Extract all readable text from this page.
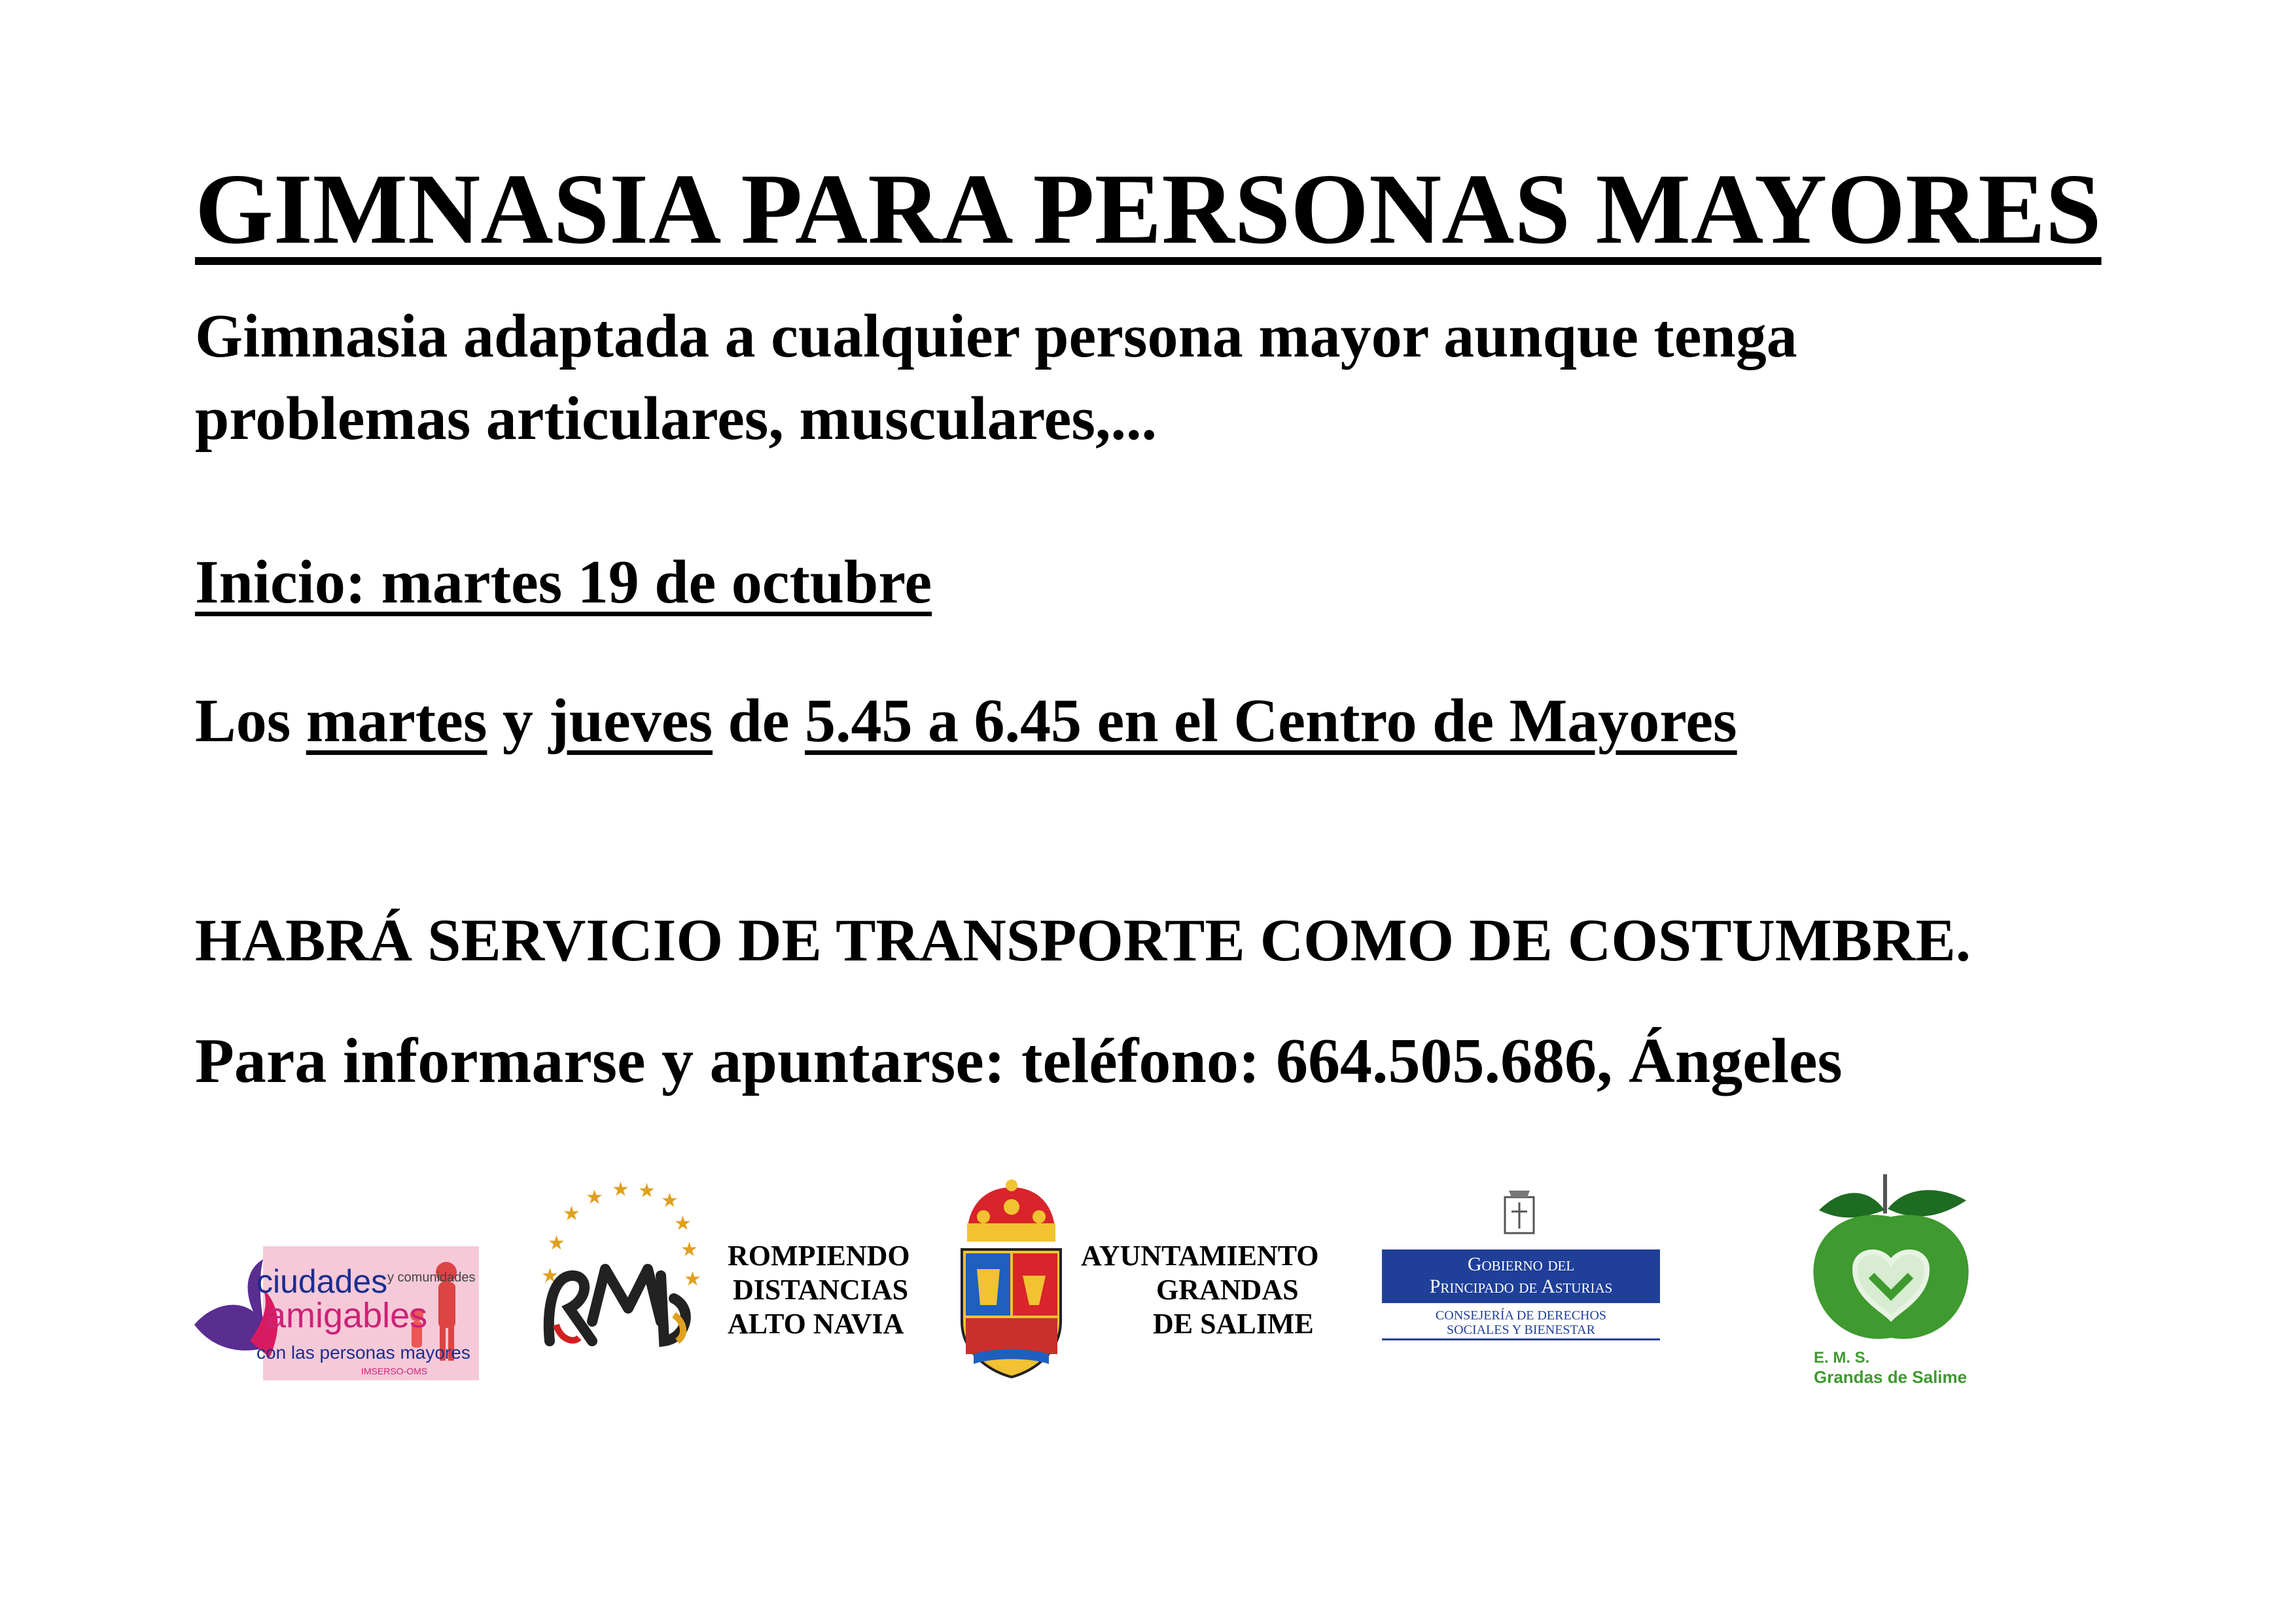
GIMNASIA PARA PERSONAS MAYORES
Gimnasia adaptada a cualquier persona mayor aunque tenga
problemas articulares, musculares,...
Inicio: martes 19 de octubre
Los martes y jueves de 5.45 a 6.45 en el Centro de Mayores
HABRÁ SERVICIO DE TRANSPORTE COMO DE COSTUMBRE.
Para informarse y apuntarse: teléfono: 664.505.686, Ángeles
ciudades y comunidades
amigables
con las personas mayores
IMSERSO-OMS
★ ★ ★ ★
★	★
★	★
★	★
ROMPIENDO
DISTANCIAS
ALTO NAVIA
AYUNTAMIENTO
GRANDAS
DE SALIME
Gobierno del
Principado de Asturias
CONSEJERÍA DE DERECHOS
SOCIALES Y BIENESTAR
E. M. S.
Grandas de Salime
